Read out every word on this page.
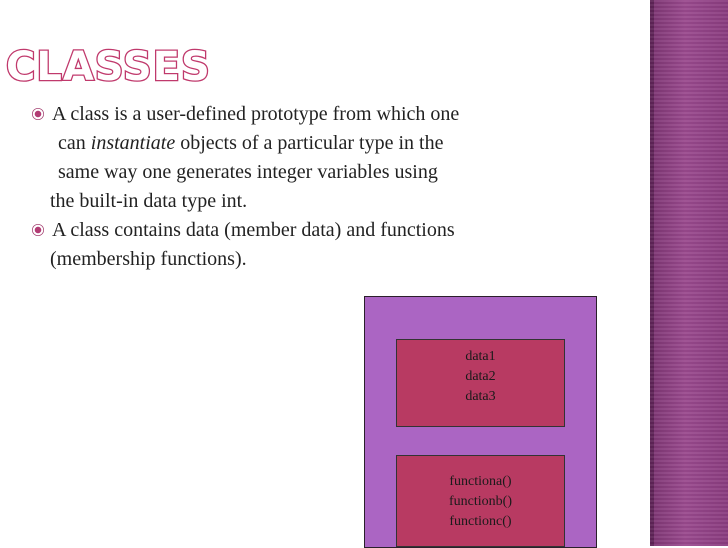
CLASSES
A class is a user-defined prototype from which one
can instantiate objects of a particular type in the
same way one generates integer variables using
the built-in data type int.
A class contains data (member data) and functions
(membership functions).
data1
data2
data3
functiona()
functionb()
functionc()
